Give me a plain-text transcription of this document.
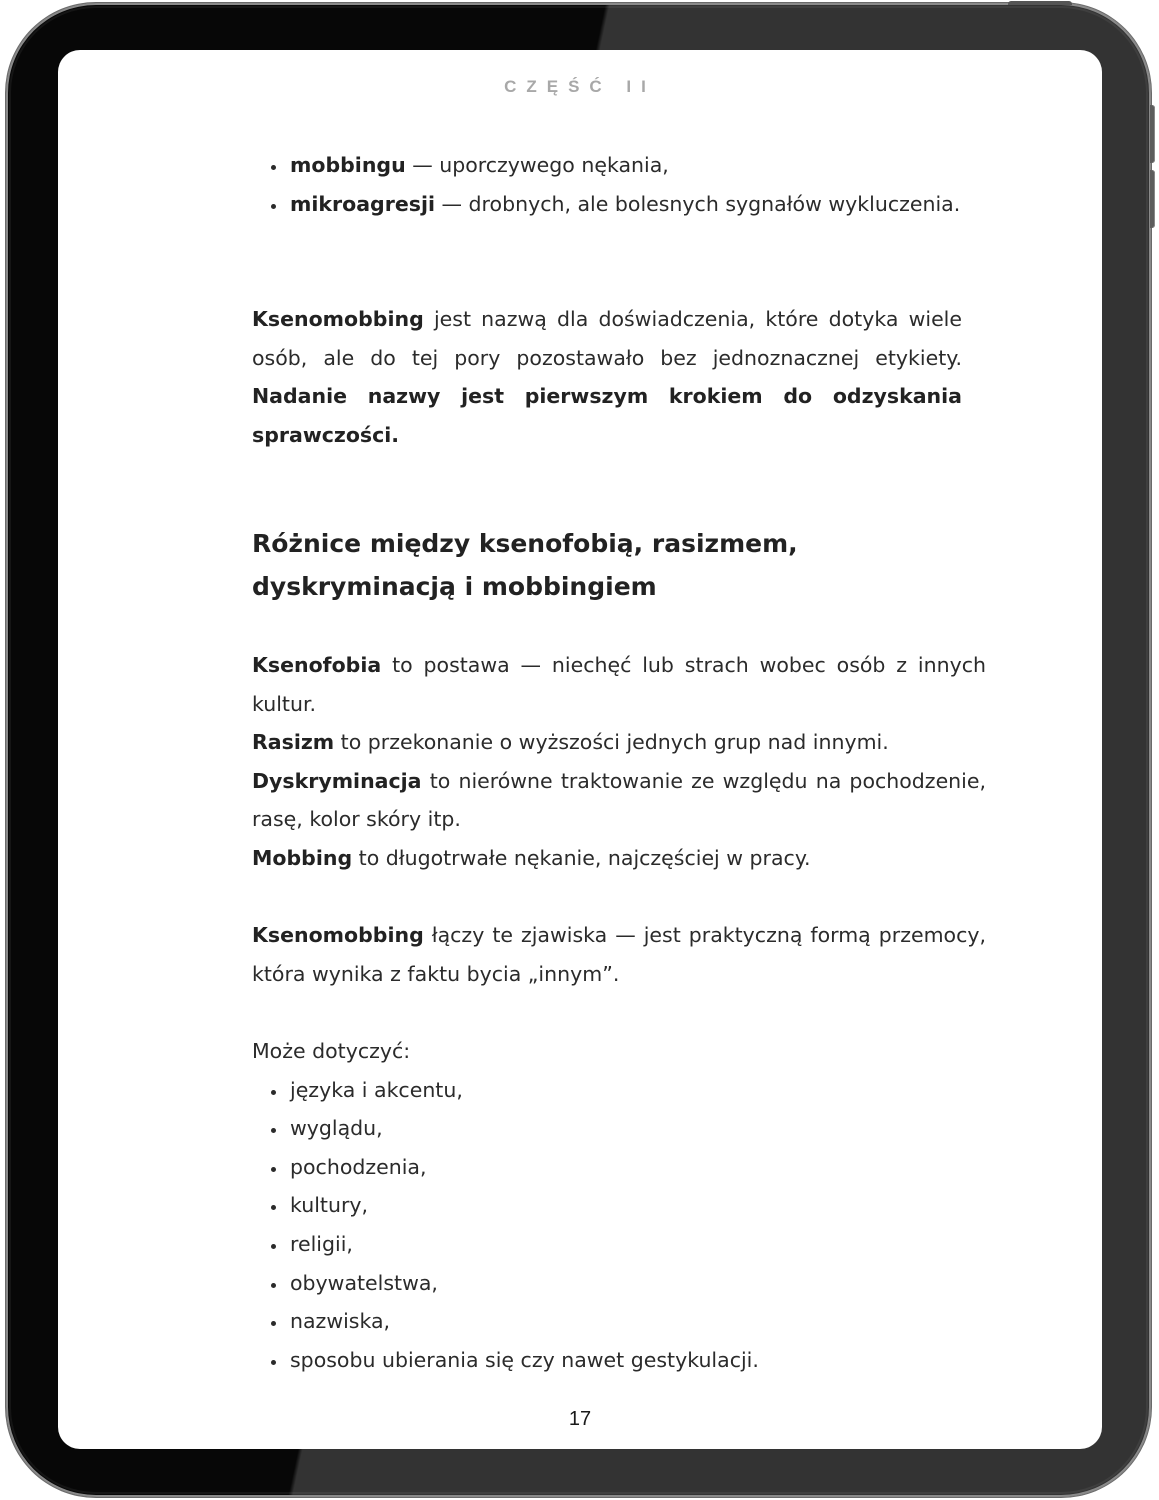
CZĘŚĆ II
mobbingu — uporczywego nękania,
mikroagresji — drobnych, ale bolesnych sygnałów wykluczenia.

Ksenomobbing jest nazwą dla doświadczenia, które dotyka wiele osób, ale do tej pory pozostawało bez jednoznacznej etykiety. Nadanie nazwy jest pierwszym krokiem do odzyskania sprawczości.

Różnice między ksenofobią, rasizmem, dyskryminacją i mobbingiem

Ksenofobia to postawa — niechęć lub strach wobec osób z innych kultur.

Rasizm to przekonanie o wyższości jednych grup nad innymi.

Dyskryminacja to nierówne traktowanie ze względu na pochodzenie, rasę, kolor skóry itp.

Mobbing to długotrwałe nękanie, najczęściej w pracy.

Ksenomobbing łączy te zjawiska — jest praktyczną formą przemocy, która wynika z faktu bycia „innym”.

Może dotyczyć:

języka i akcentu,
wyglądu,
pochodzenia,
kultury,
religii,
obywatelstwa,
nazwiska,
sposobu ubierania się czy nawet gestykulacji.
17
